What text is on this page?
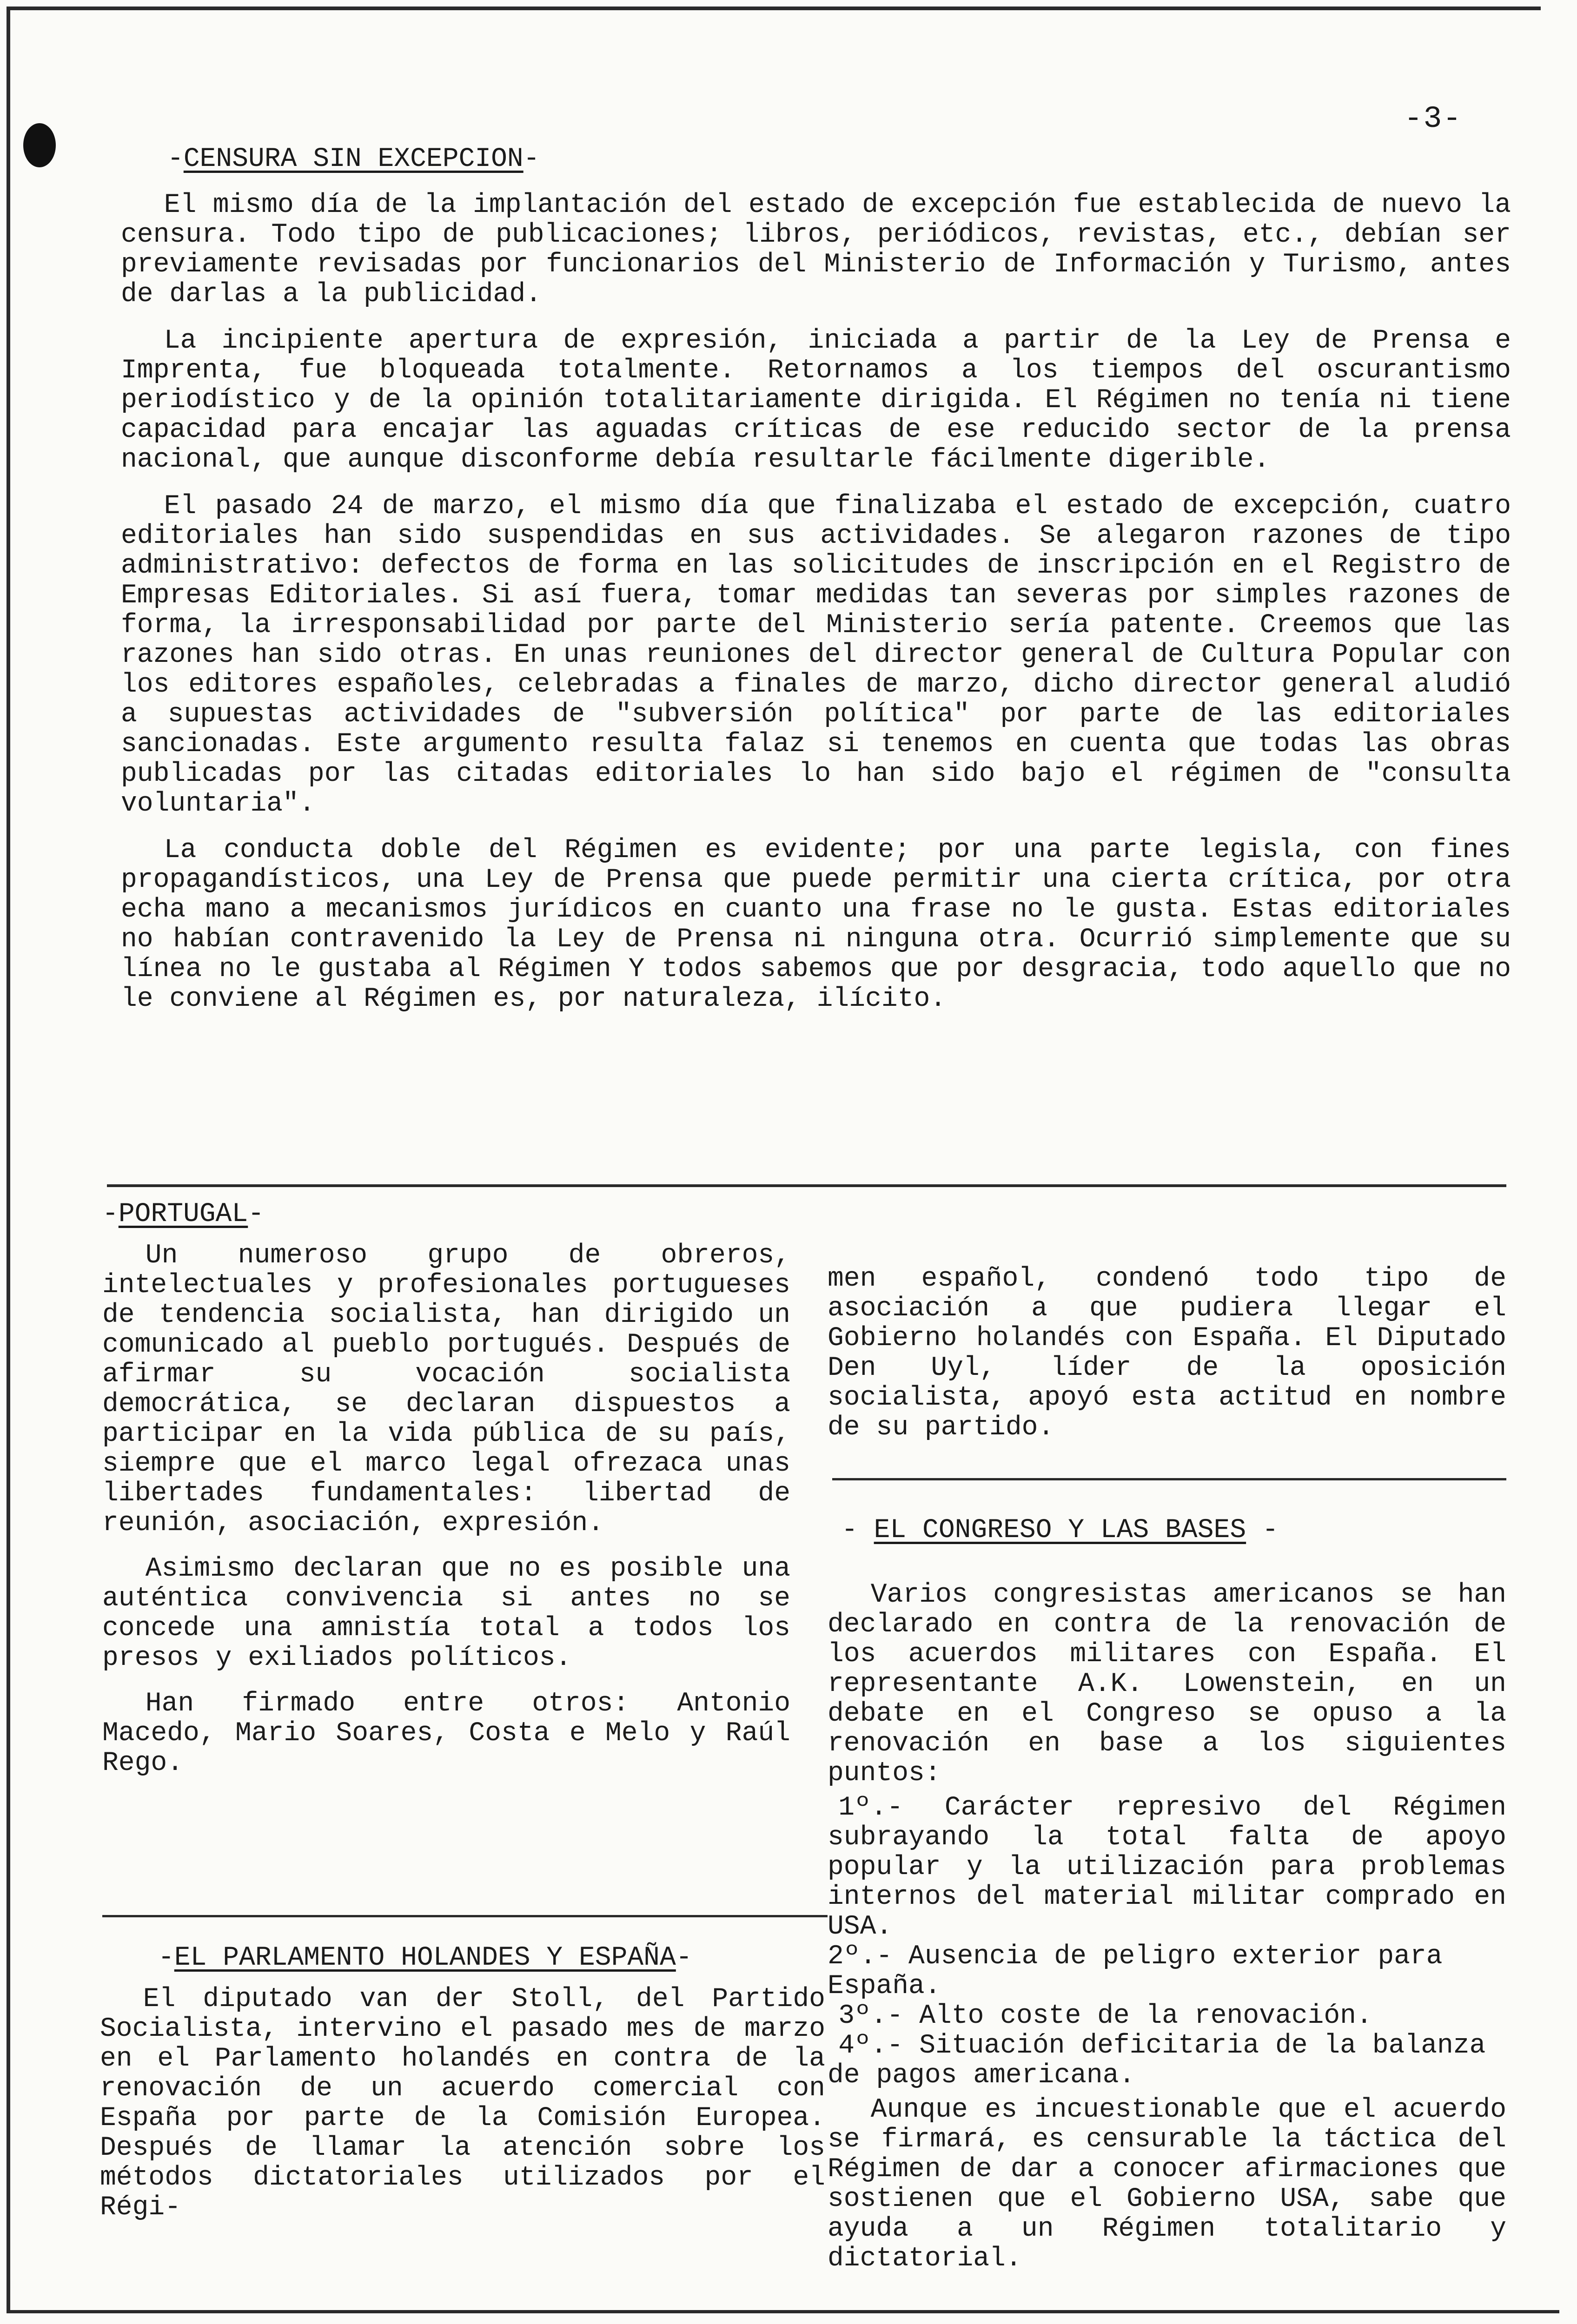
-3-
-CENSURA SIN EXCEPCION-

El mismo día de la implantación del estado de excepción fue establecida de nuevo la censura. Todo tipo de publicaciones; libros, periódicos, revistas, etc., debían ser previamente revisadas por funcionarios del Ministerio de Información y Turismo, antes de darlas a la publicidad.

La incipiente apertura de expresión, iniciada a partir de la Ley de Prensa e Imprenta, fue bloqueada totalmente. Retornamos a los tiempos del oscurantismo periodístico y de la opinión totalitariamente dirigida. El Régimen no tenía ni tiene capacidad para encajar las aguadas críticas de ese reducido sector de la prensa nacional, que aunque disconforme debía resultarle fácilmente digerible.

El pasado 24 de marzo, el mismo día que finalizaba el estado de excepción, cuatro editoriales han sido suspendidas en sus actividades. Se alegaron razones de tipo administrativo: defectos de forma en las solicitudes de inscripción en el Registro de Empresas Editoriales. Si así fuera, tomar medidas tan severas por simples razones de forma, la irresponsabilidad por parte del Ministerio sería patente. Creemos que las razones han sido otras. En unas reuniones del director general de Cultura Popular con los editores españoles, celebradas a finales de marzo, dicho director general aludió a supuestas actividades de "subversión política" por parte de las editoriales sancionadas. Este argumento resulta falaz si tenemos en cuenta que todas las obras publicadas por las citadas editoriales lo han sido bajo el régimen de "consulta voluntaria".

La conducta doble del Régimen es evidente; por una parte legisla, con fines propagandísticos, una Ley de Prensa que puede permitir una cierta crítica, por otra echa mano a mecanismos jurídicos en cuanto una frase no le gusta. Estas editoriales no habían contravenido la Ley de Prensa ni ninguna otra. Ocurrió simplemente que su línea no le gustaba al Régimen Y todos sabemos que por desgracia, todo aquello que no le conviene al Régimen es, por naturaleza, ilícito.

-PORTUGAL-

Un numeroso grupo de obreros, intelectuales y profesionales portugueses de tendencia socialista, han dirigido un comunicado al pueblo portugués. Después de afirmar su vocación socialista democrática, se declaran dispuestos a participar en la vida pública de su país, siempre que el marco legal ofrezaca unas libertades fundamentales: libertad de reunión, asociación, expresión.

Asimismo declaran que no es posible una auténtica convivencia si antes no se concede una amnistía total a todos los presos y exiliados políticos.

Han firmado entre otros: Antonio Macedo, Mario Soares, Costa e Melo y Raúl Rego.

-EL PARLAMENTO HOLANDES Y ESPAÑA-

El diputado van der Stoll, del Partido Socialista, intervino el pasado mes de marzo en el Parlamento holandés en contra de la renovación de un acuerdo comercial con España por parte de la Comisión Europea. Después de llamar la atención sobre los métodos dictatoriales utilizados por el Régi-

men español, condenó todo tipo de asociación a que pudiera llegar el Gobierno holandés con España. El Diputado Den Uyl, líder de la oposición socialista, apoyó esta actitud en nombre de su partido.

- EL CONGRESO Y LAS BASES -

Varios congresistas americanos se han declarado en contra de la renovación de los acuerdos militares con España. El representante A.K. Lowenstein, en un debate en el Congreso se opuso a la renovación en base a los siguientes puntos:

1º.- Carácter represivo del Régimen subrayando la total falta de apoyo popular y la utilización para problemas internos del material militar comprado en USA.
2º.- Ausencia de peligro exterior para España.
3º.- Alto coste de la renovación.
4º.- Situación deficitaria de la balanza de pagos americana.

Aunque es incuestionable que el acuerdo se firmará, es censurable la táctica del Régimen de dar a conocer afirmaciones que sostienen que el Gobierno USA, sabe que ayuda a un Régimen totalitario y dictatorial.
